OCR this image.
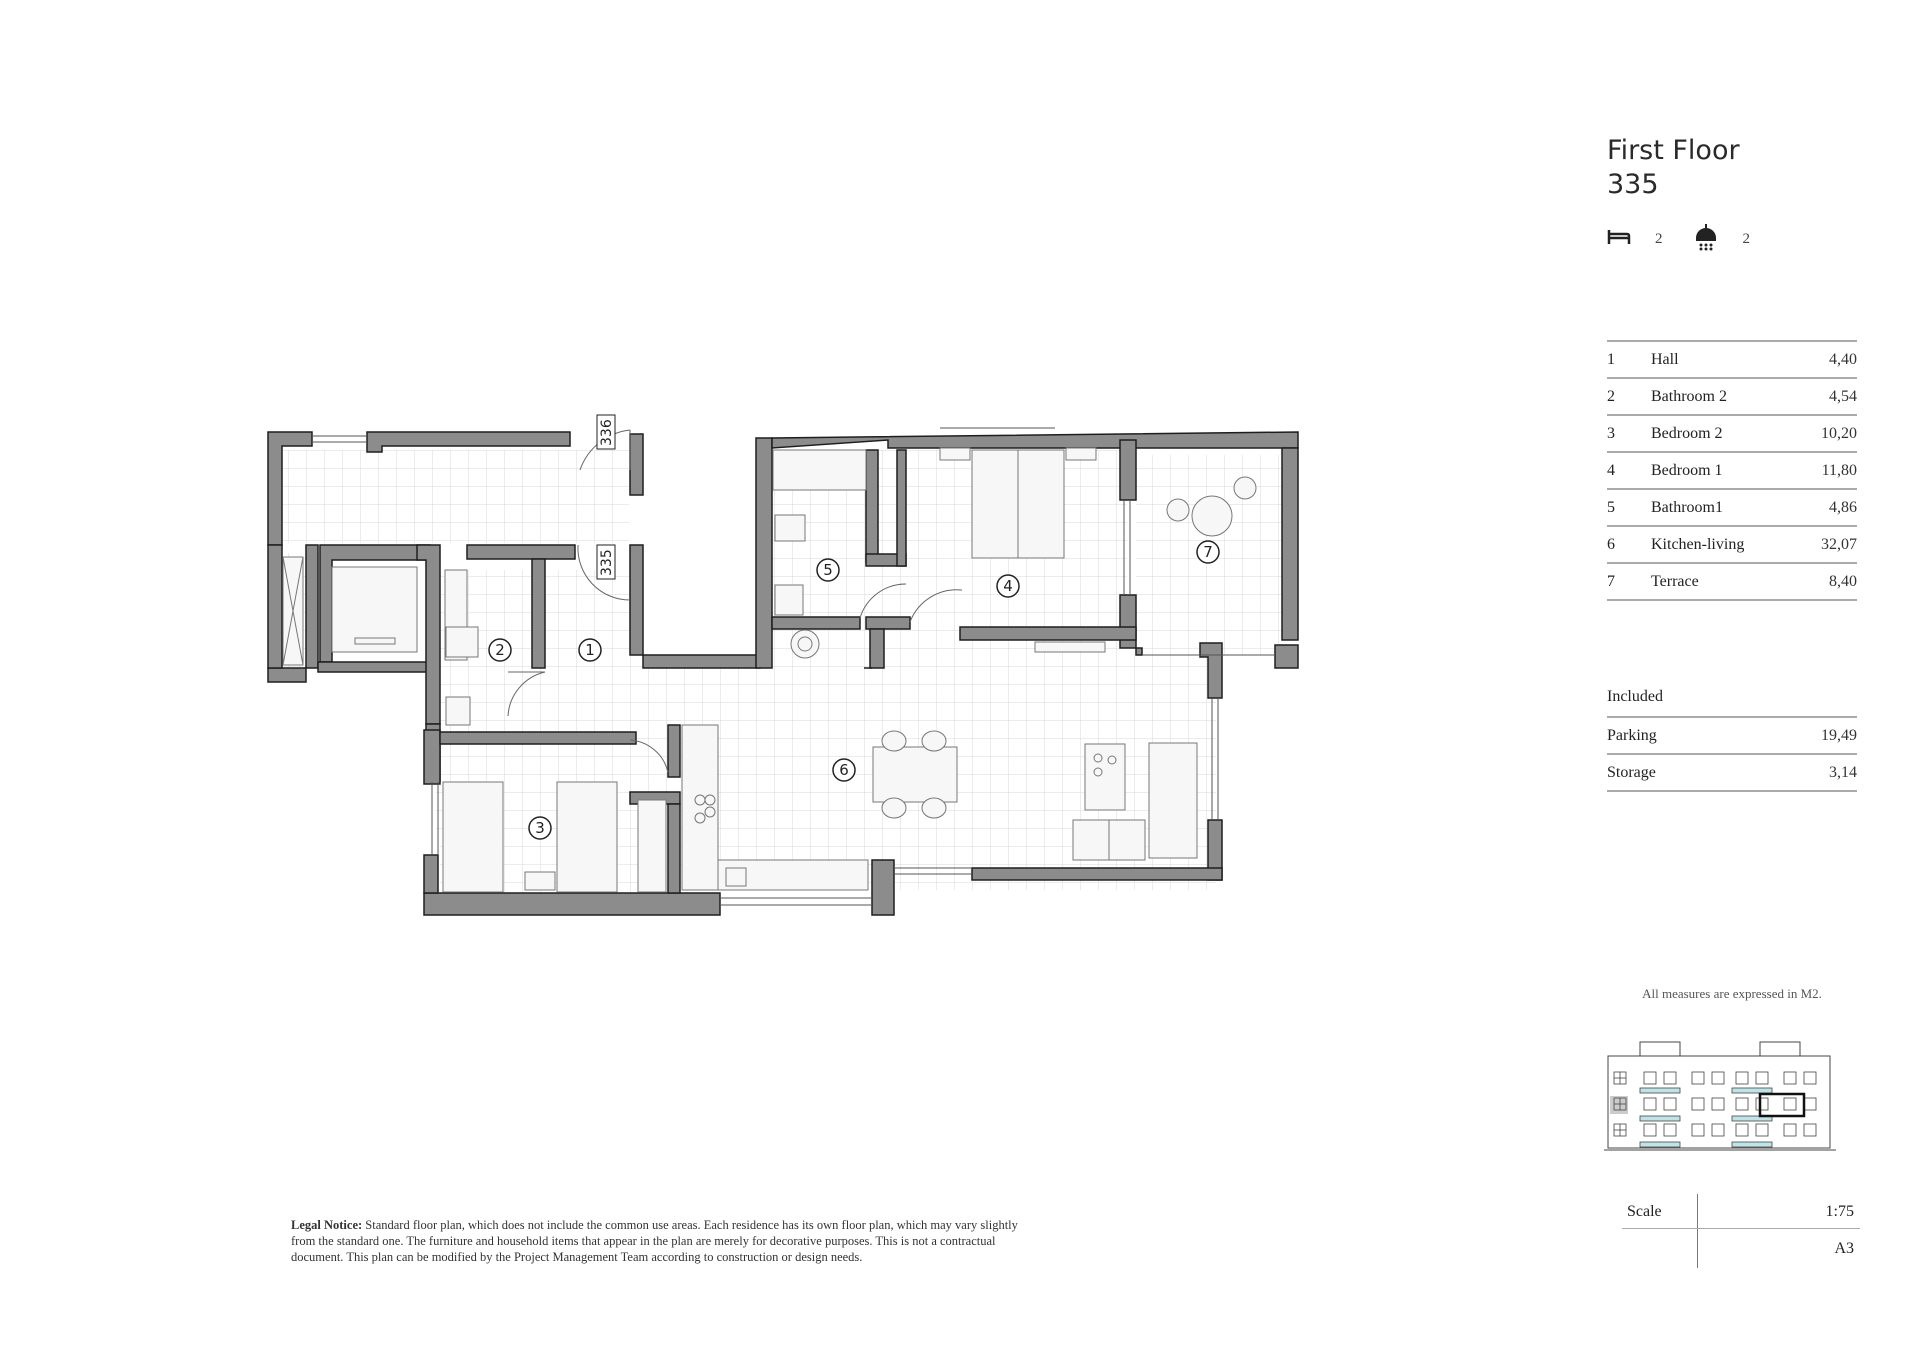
336
335
1
2
3
4
5
6
7
First Floor
335
2	2
1	Hall	4,40
2	Bathroom 2	4,54
3	Bedroom 2	10,20
4	Bedroom 1	11,80
5	Bathroom1	4,86
6	Kitchen-living	32,07
7	Terrace	8,40
Included
Parking	19,49
Storage	3,14
All measures are expressed in M2.
Scale	1:75
A3
Legal Notice: Standard floor plan, which does not include the common use areas. Each residence has its own floor plan, which may vary slightly from the standard one. The furniture and household items that appear in the plan are merely for decorative purposes. This is not a contractual document. This plan can be modified by the Project Management Team according to construction or design needs.
